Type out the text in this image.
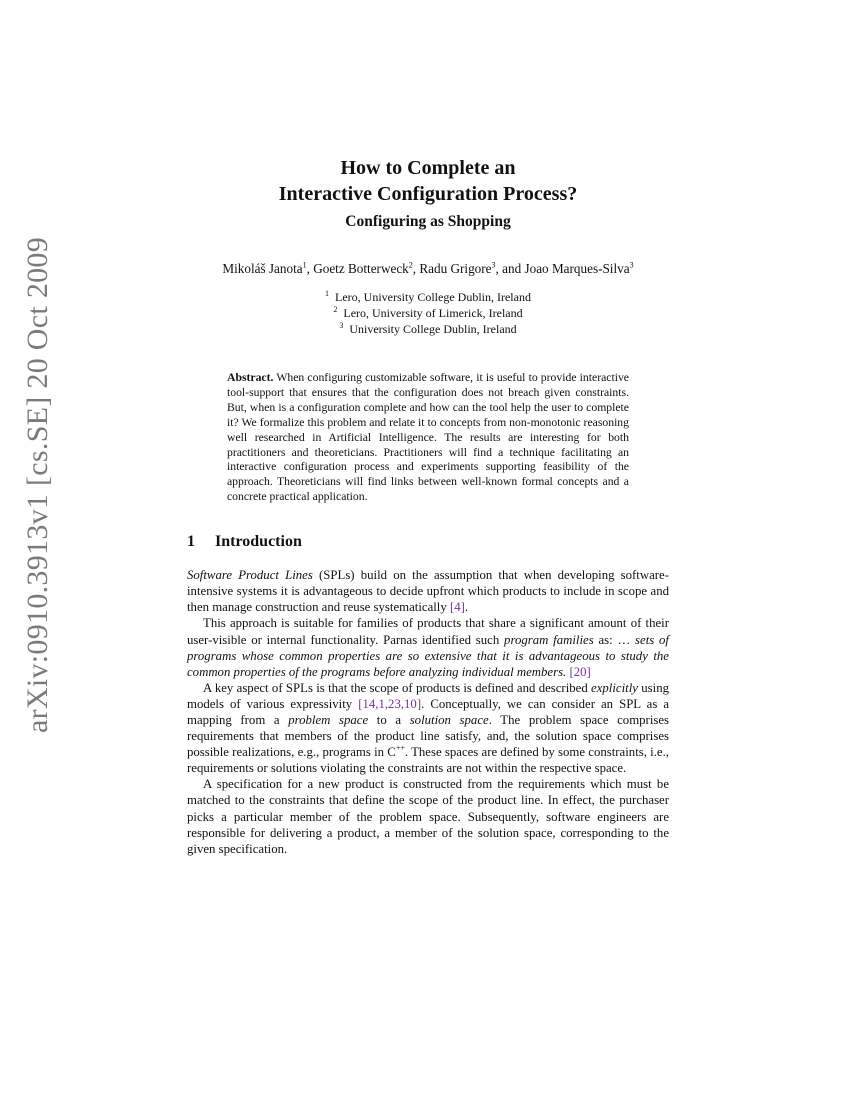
arXiv:0910.3913v1 [cs.SE] 20 Oct 2009
How to Complete an
Interactive Configuration Process?
Configuring as Shopping
Mikoláš Janota$^1$, Goetz Botterweck$^2$, Radu Grigore$^3$, and Joao Marques-Silva$^3$
$^1$ Lero, University College Dublin, Ireland
$^2$ Lero, University of Limerick, Ireland
$^3$ University College Dublin, Ireland
Abstract. When configuring customizable software, it is useful to provide interactive tool-support that ensures that the configuration does not breach given constraints. But, when is a configuration complete and how can the tool help the user to complete it? We formalize this problem and relate it to concepts from non-monotonic reasoning well researched in Artificial Intelligence. The results are interesting for both practitioners and theoreticians. Practitioners will find a technique facilitating an interactive configuration process and experiments supporting feasibility of the approach. Theoreticians will find links between well-known formal concepts and a concrete practical application.
1 Introduction

Software Product Lines (SPLs) build on the assumption that when developing software-intensive systems it is advantageous to decide upfront which products to include in scope and then manage construction and reuse systematically [4].

This approach is suitable for families of products that share a significant amount of their user-visible or internal functionality. Parnas identified such program families as: … sets of programs whose common properties are so extensive that it is advantageous to study the common properties of the programs before analyzing individual members. [20]

A key aspect of SPLs is that the scope of products is defined and described explicitly using models of various expressivity [14,1,23,10]. Conceptually, we can consider an SPL as a mapping from a problem space to a solution space. The problem space comprises requirements that members of the product line satisfy, and, the solution space comprises possible realizations, e.g., programs in C++. These spaces are defined by some constraints, i.e., requirements or solutions violating the constraints are not within the respective space.

A specification for a new product is constructed from the requirements which must be matched to the constraints that define the scope of the product line. In effect, the purchaser picks a particular member of the problem space. Subsequently, software engineers are responsible for delivering a product, a member of the solution space, corresponding to the given specification.
